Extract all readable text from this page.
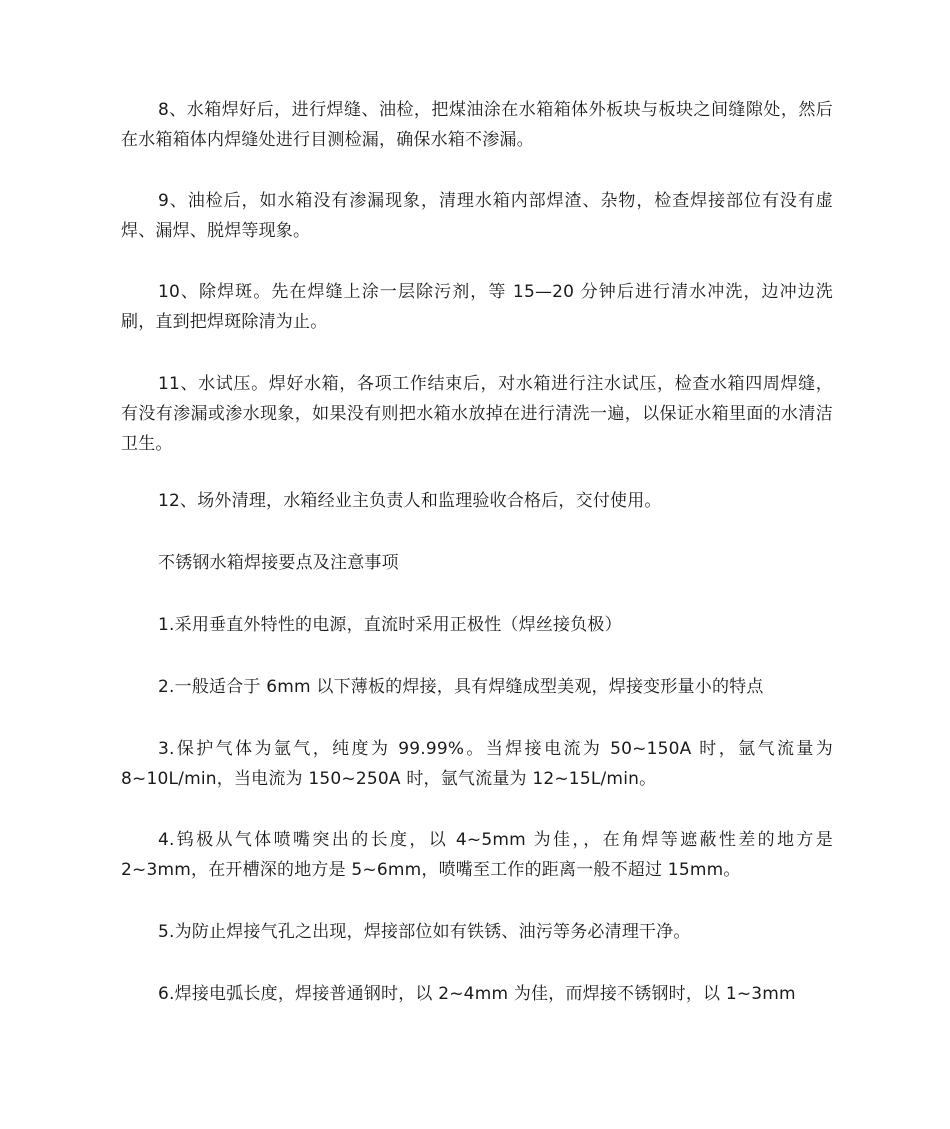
8、水箱焊好后，进行焊缝、油检，把煤油涂在水箱箱体外板块与板块之间缝隙处，然后在水箱箱体内焊缝处进行目测检漏，确保水箱不渗漏。

9、油检后，如水箱没有渗漏现象，清理水箱内部焊渣、杂物，检查焊接部位有没有虚焊、漏焊、脱焊等现象。

10、除焊斑。先在焊缝上涂一层除污剂，等 15—20 分钟后进行清水冲洗，边冲边洗刷，直到把焊斑除清为止。

11、水试压。焊好水箱，各项工作结束后，对水箱进行注水试压，检查水箱四周焊缝，有没有渗漏或渗水现象，如果没有则把水箱水放掉在进行清洗一遍，以保证水箱里面的水清洁卫生。

12、场外清理，水箱经业主负责人和监理验收合格后，交付使用。

不锈钢水箱焊接要点及注意事项

1.采用垂直外特性的电源，直流时采用正极性（焊丝接负极）

2.一般适合于 6mm 以下薄板的焊接，具有焊缝成型美观，焊接变形量小的特点

3.保护气体为氩气，纯度为 99.99%。当焊接电流为 50~150A 时，氩气流量为8~10L/min，当电流为 150~250A 时，氩气流量为 12~15L/min。

4.钨极从气体喷嘴突出的长度，以 4~5mm 为佳，，在角焊等遮蔽性差的地方是2~3mm，在开槽深的地方是 5~6mm，喷嘴至工作的距离一般不超过 15mm。

5.为防止焊接气孔之出现，焊接部位如有铁锈、油污等务必清理干净。

6.焊接电弧长度，焊接普通钢时，以 2~4mm 为佳，而焊接不锈钢时，以 1~3mm
